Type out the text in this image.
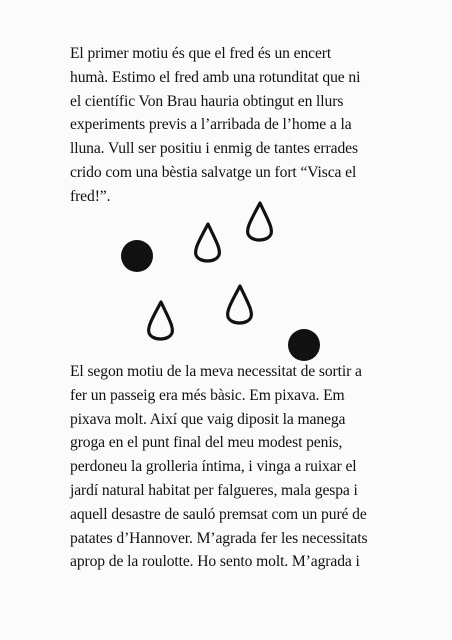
El primer motiu és que el fred és un encert
humà. Estimo el fred amb una rotunditat que ni
el científic Von Brau hauria obtingut en llurs
experiments previs a l’arribada de l’home a la
lluna. Vull ser positiu i enmig de tantes errades
crido com una bèstia salvatge un fort “Visca el
fred!”.
El segon motiu de la meva necessitat de sortir a
fer un passeig era més bàsic. Em pixava. Em
pixava molt. Així que vaig diposit la manega
groga en el punt final del meu modest penis,
perdoneu la grolleria íntima, i vinga a ruixar el
jardí natural habitat per falgueres, mala gespa i
aquell desastre de sauló premsat com un puré de
patates d’Hannover. M’agrada fer les necessitats
aprop de la roulotte. Ho sento molt. M’agrada i
